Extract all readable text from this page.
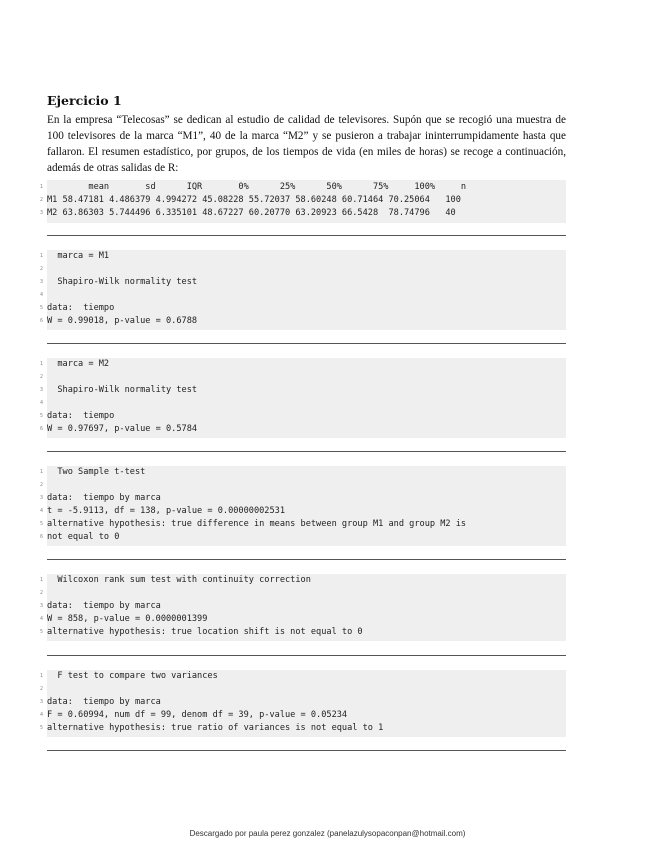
Ejercicio 1
En la empresa “Telecosas” se dedican al estudio de calidad de televisores. Supón que se recogió una muestra de 100 televisores de la marca “M1”, 40 de la marca “M2” y se pusieron a trabajar ininterrumpidamente hasta que fallaron. El resumen estadístico, por grupos, de los tiempos de vida (en miles de horas) se recoge a continuación, además de otras salidas de R:
1 mean       sd      IQR       0%      25%      50%      75%     100%     n
2 M1 58.47181 4.486379 4.994272 45.08228 55.72037 58.60248 60.71464 70.25064   100
3 M2 63.86303 5.744496 6.335101 48.67227 60.20770 63.20923 66.5428  78.74796   40
1 marca = M1
2
3 Shapiro-Wilk normality test
4
5 data:  tiempo
6 W = 0.99018, p-value = 0.6788
1 marca = M2
2
3 Shapiro-Wilk normality test
4
5 data:  tiempo
6 W = 0.97697, p-value = 0.5784
1 Two Sample t-test
2
3 data:  tiempo by marca
4 t = -5.9113, df = 138, p-value = 0.00000002531
5 alternative hypothesis: true difference in means between group M1 and group M2 is
6 not equal to 0
1 Wilcoxon rank sum test with continuity correction
2
3 data:  tiempo by marca
4 W = 858, p-value = 0.0000001399
5 alternative hypothesis: true location shift is not equal to 0
1 F test to compare two variances
2
3 data:  tiempo by marca
4 F = 0.60994, num df = 99, denom df = 39, p-value = 0.05234
5 alternative hypothesis: true ratio of variances is not equal to 1
Descargado por paula perez gonzalez (panelazulysopaconpan@hotmail.com)
